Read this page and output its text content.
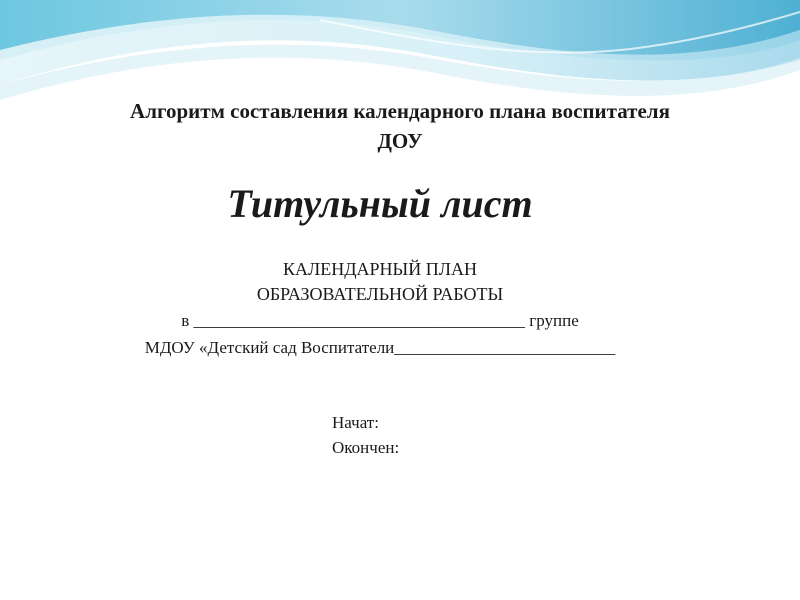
Алгоритм составления календарного плана воспитателя
ДОУ
Титульный лист
КАЛЕНДАРНЫЙ ПЛАН
ОБРАЗОВАТЕЛЬНОЙ РАБОТЫ
в _______________________________________ группе
МДОУ «Детский сад Воспитатели__________________________
Начат:
Окончен:
